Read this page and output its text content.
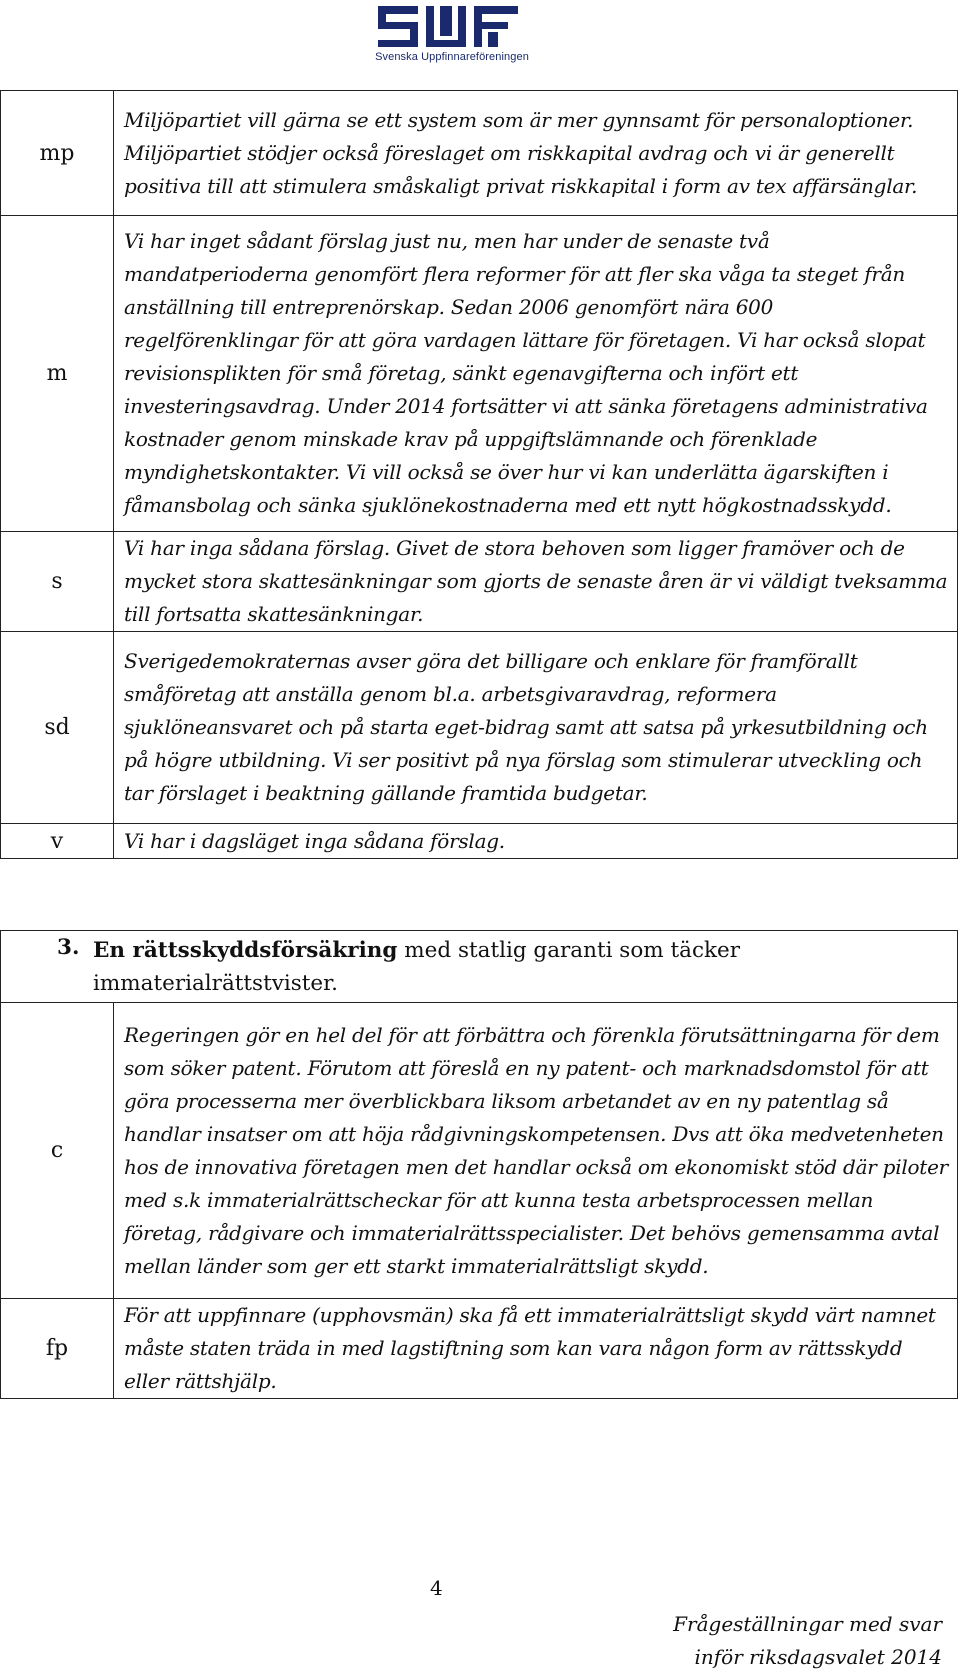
Svenska Uppfinnareföreningen
mp	Miljöpartiet vill gärna se ett system som är mer gynnsamt för personaloptioner. Miljöpartiet stödjer också föreslaget om riskkapital avdrag och vi är generellt positiva till att stimulera småskaligt privat riskkapital i form av tex affärsänglar.
m	Vi har inget sådant förslag just nu, men har under de senaste två mandatperioderna genomfört flera reformer för att fler ska våga ta steget från anställning till entreprenörskap. Sedan 2006 genomfört nära 600 regelförenklingar för att göra vardagen lättare för företagen. Vi har också slopat revisionsplikten för små företag, sänkt egenavgifterna och infört ett investeringsavdrag. Under 2014 fortsätter vi att sänka företagens administrativa kostnader genom minskade krav på uppgiftslämnande och förenklade myndighetskontakter. Vi vill också se över hur vi kan underlätta ägarskiften i fåmansbolag och sänka sjuklönekostnaderna med ett nytt högkostnadsskydd.
s	Vi har inga sådana förslag. Givet de stora behoven som ligger framöver och de mycket stora skattesänkningar som gjorts de senaste åren är vi väldigt tveksamma till fortsatta skattesänkningar.
sd	Sverigedemokraternas avser göra det billigare och enklare för framförallt småföretag att anställa genom bl.a. arbetsgivaravdrag, reformera sjuklöneansvaret och på starta eget-bidrag samt att satsa på yrkesutbildning och på högre utbildning. Vi ser positivt på nya förslag som stimulerar utveckling och tar förslaget i beaktning gällande framtida budgetar.
v	Vi har i dagsläget inga sådana förslag.
3. En rättsskyddsförsäkring med statlig garanti som täcker
immaterialrättstvister.	

c	Regeringen gör en hel del för att förbättra och förenkla förutsättningarna för dem som söker patent. Förutom att föreslå en ny patent- och marknadsdomstol för att göra processerna mer överblickbara liksom arbetandet av en ny patentlag så handlar insatser om att höja rådgivningskompetensen. Dvs att öka medvetenheten hos de innovativa företagen men det handlar också om ekonomiskt stöd där piloter med s.k immaterialrättscheckar för att kunna testa arbetsprocessen mellan företag, rådgivare och immaterialrättsspecialister. Det behövs gemensamma avtal mellan länder som ger ett starkt immaterialrättsligt skydd.
fp	För att uppfinnare (upphovsmän) ska få ett immaterialrättsligt skydd värt namnet måste staten träda in med lagstiftning som kan vara någon form av rättsskydd eller rättshjälp.
4
Frågeställningar med svar
inför riksdagsvalet 2014
